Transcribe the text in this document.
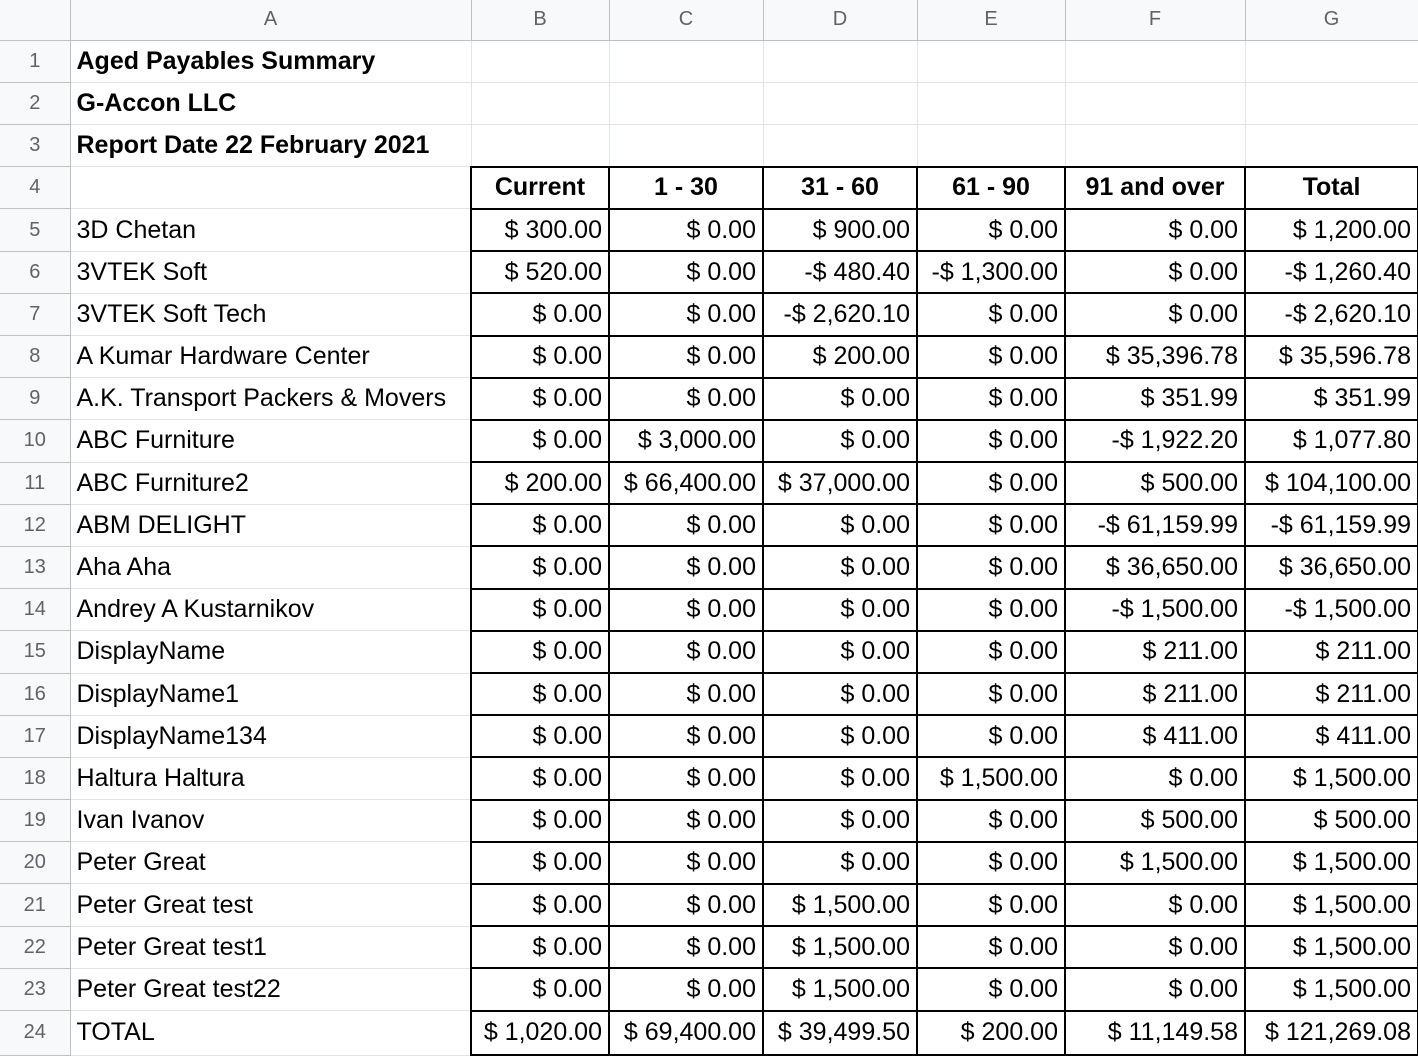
	A	B	C	D	E	F	G
1	Aged Payables Summary						
2	G-Accon LLC						
3	Report Date 22 February 2021						
4		Current	1 - 30	31 - 60	61 - 90	91 and over	Total
5	3D Chetan	$ 300.00	$ 0.00	$ 900.00	$ 0.00	$ 0.00	$ 1,200.00
6	3VTEK Soft	$ 520.00	$ 0.00	-$ 480.40	-$ 1,300.00	$ 0.00	-$ 1,260.40
7	3VTEK Soft Tech	$ 0.00	$ 0.00	-$ 2,620.10	$ 0.00	$ 0.00	-$ 2,620.10
8	A Kumar Hardware Center	$ 0.00	$ 0.00	$ 200.00	$ 0.00	$ 35,396.78	$ 35,596.78
9	A.K. Transport Packers & Movers	$ 0.00	$ 0.00	$ 0.00	$ 0.00	$ 351.99	$ 351.99
10	ABC Furniture	$ 0.00	$ 3,000.00	$ 0.00	$ 0.00	-$ 1,922.20	$ 1,077.80
11	ABC Furniture2	$ 200.00	$ 66,400.00	$ 37,000.00	$ 0.00	$ 500.00	$ 104,100.00
12	ABM DELIGHT	$ 0.00	$ 0.00	$ 0.00	$ 0.00	-$ 61,159.99	-$ 61,159.99
13	Aha Aha	$ 0.00	$ 0.00	$ 0.00	$ 0.00	$ 36,650.00	$ 36,650.00
14	Andrey A Kustarnikov	$ 0.00	$ 0.00	$ 0.00	$ 0.00	-$ 1,500.00	-$ 1,500.00
15	DisplayName	$ 0.00	$ 0.00	$ 0.00	$ 0.00	$ 211.00	$ 211.00
16	DisplayName1	$ 0.00	$ 0.00	$ 0.00	$ 0.00	$ 211.00	$ 211.00
17	DisplayName134	$ 0.00	$ 0.00	$ 0.00	$ 0.00	$ 411.00	$ 411.00
18	Haltura Haltura	$ 0.00	$ 0.00	$ 0.00	$ 1,500.00	$ 0.00	$ 1,500.00
19	Ivan Ivanov	$ 0.00	$ 0.00	$ 0.00	$ 0.00	$ 500.00	$ 500.00
20	Peter Great	$ 0.00	$ 0.00	$ 0.00	$ 0.00	$ 1,500.00	$ 1,500.00
21	Peter Great test	$ 0.00	$ 0.00	$ 1,500.00	$ 0.00	$ 0.00	$ 1,500.00
22	Peter Great test1	$ 0.00	$ 0.00	$ 1,500.00	$ 0.00	$ 0.00	$ 1,500.00
23	Peter Great test22	$ 0.00	$ 0.00	$ 1,500.00	$ 0.00	$ 0.00	$ 1,500.00
24	TOTAL	$ 1,020.00	$ 69,400.00	$ 39,499.50	$ 200.00	$ 11,149.58	$ 121,269.08
